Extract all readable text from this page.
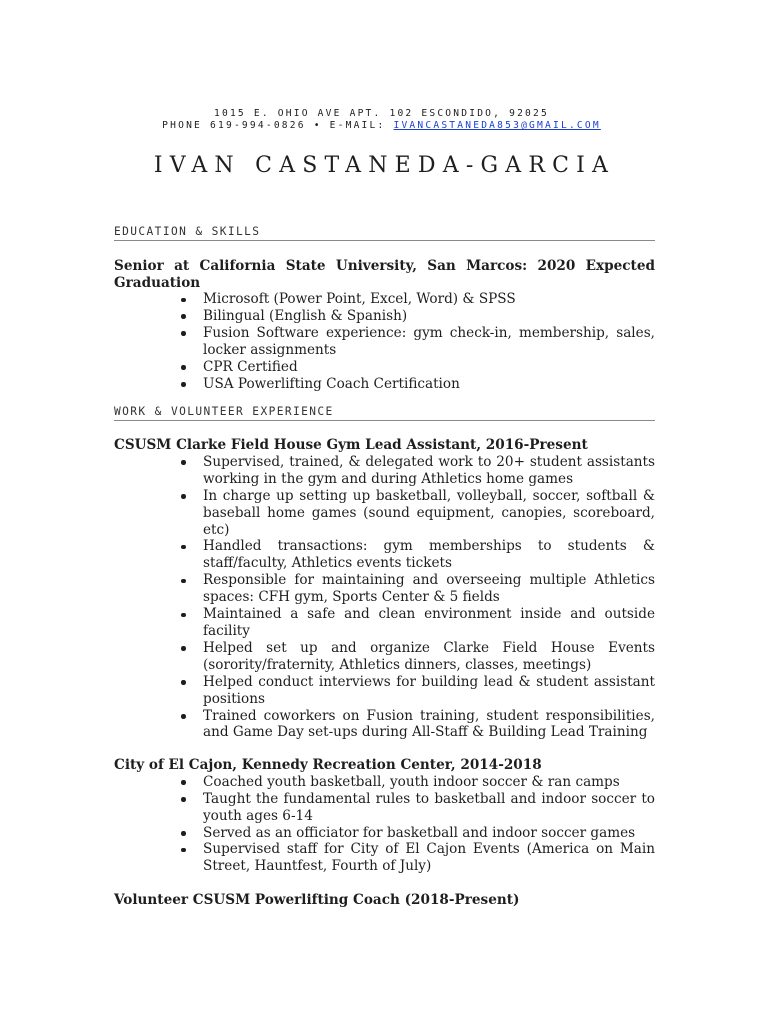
1015 E. OHIO AVE APT. 102 ESCONDIDO, 92025
PHONE 619-994-0826 • E-MAIL: IVANCASTANEDA853@GMAIL.COM
IVAN CASTANEDA-GARCIA
EDUCATION & SKILLS
Senior at California State University, San Marcos: 2020 Expected Graduation
Microsoft (Power Point, Excel, Word) & SPSS
Bilingual (English & Spanish)
Fusion Software experience: gym check-in, membership, sales, locker assignments
CPR Certified
USA Powerlifting Coach Certification
WORK & VOLUNTEER EXPERIENCE
CSUSM Clarke Field House Gym Lead Assistant, 2016-Present
Supervised, trained, & delegated work to 20+ student assistants working in the gym and during Athletics home games
In charge up setting up basketball, volleyball, soccer, softball & baseball home games (sound equipment, canopies, scoreboard, etc)
Handled transactions: gym memberships to students & staff/faculty, Athletics events tickets
Responsible for maintaining and overseeing multiple Athletics spaces: CFH gym, Sports Center & 5 fields
Maintained a safe and clean environment inside and outside facility
Helped set up and organize Clarke Field House Events (sorority/fraternity, Athletics dinners, classes, meetings)
Helped conduct interviews for building lead & student assistant positions
Trained coworkers on Fusion training, student responsibilities, and Game Day set-ups during All-Staff & Building Lead Training
City of El Cajon, Kennedy Recreation Center, 2014-2018
Coached youth basketball, youth indoor soccer & ran camps
Taught the fundamental rules to basketball and indoor soccer to youth ages 6-14
Served as an officiator for basketball and indoor soccer games
Supervised staff for City of El Cajon Events (America on Main Street, Hauntfest, Fourth of July)
Volunteer CSUSM Powerlifting Coach (2018-Present)
